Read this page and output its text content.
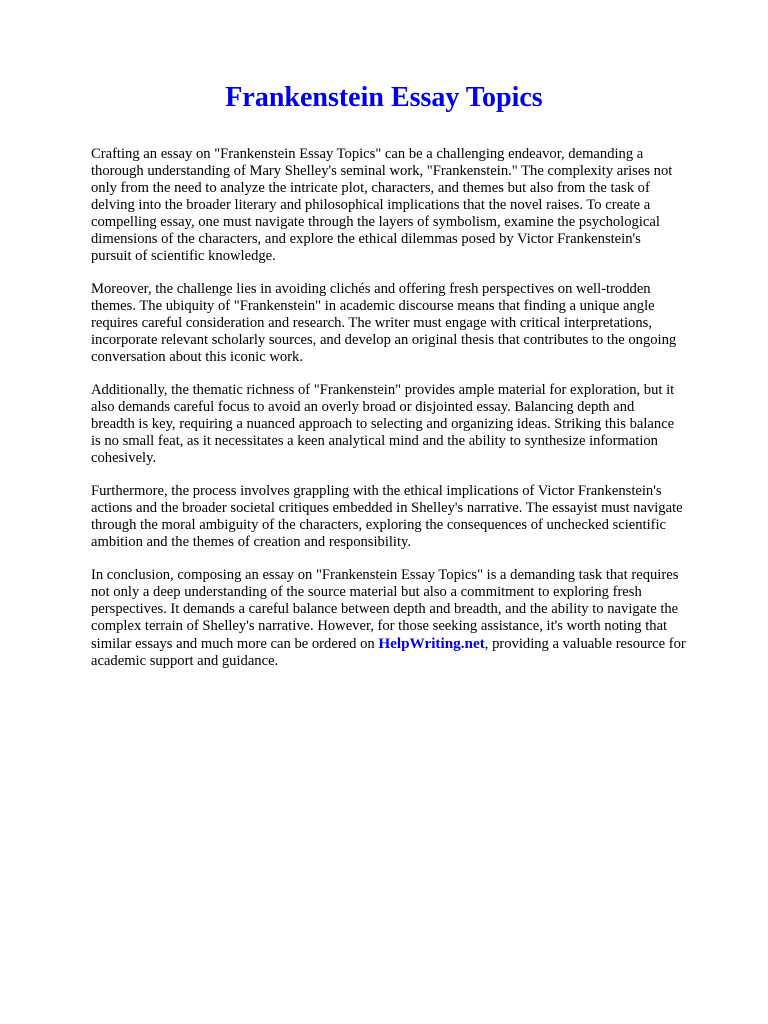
Frankenstein Essay Topics

Crafting an essay on "Frankenstein Essay Topics" can be a challenging endeavor, demanding a
thorough understanding of Mary Shelley's seminal work, "Frankenstein." The complexity arises not
only from the need to analyze the intricate plot, characters, and themes but also from the task of
delving into the broader literary and philosophical implications that the novel raises. To create a
compelling essay, one must navigate through the layers of symbolism, examine the psychological
dimensions of the characters, and explore the ethical dilemmas posed by Victor Frankenstein's
pursuit of scientific knowledge.

Moreover, the challenge lies in avoiding clichés and offering fresh perspectives on well-trodden
themes. The ubiquity of "Frankenstein" in academic discourse means that finding a unique angle
requires careful consideration and research. The writer must engage with critical interpretations,
incorporate relevant scholarly sources, and develop an original thesis that contributes to the ongoing
conversation about this iconic work.

Additionally, the thematic richness of "Frankenstein" provides ample material for exploration, but it
also demands careful focus to avoid an overly broad or disjointed essay. Balancing depth and
breadth is key, requiring a nuanced approach to selecting and organizing ideas. Striking this balance
is no small feat, as it necessitates a keen analytical mind and the ability to synthesize information
cohesively.

Furthermore, the process involves grappling with the ethical implications of Victor Frankenstein's
actions and the broader societal critiques embedded in Shelley's narrative. The essayist must navigate
through the moral ambiguity of the characters, exploring the consequences of unchecked scientific
ambition and the themes of creation and responsibility.

In conclusion, composing an essay on "Frankenstein Essay Topics" is a demanding task that requires
not only a deep understanding of the source material but also a commitment to exploring fresh
perspectives. It demands a careful balance between depth and breadth, and the ability to navigate the
complex terrain of Shelley's narrative. However, for those seeking assistance, it's worth noting that
similar essays and much more can be ordered on HelpWriting.net, providing a valuable resource for
academic support and guidance.
